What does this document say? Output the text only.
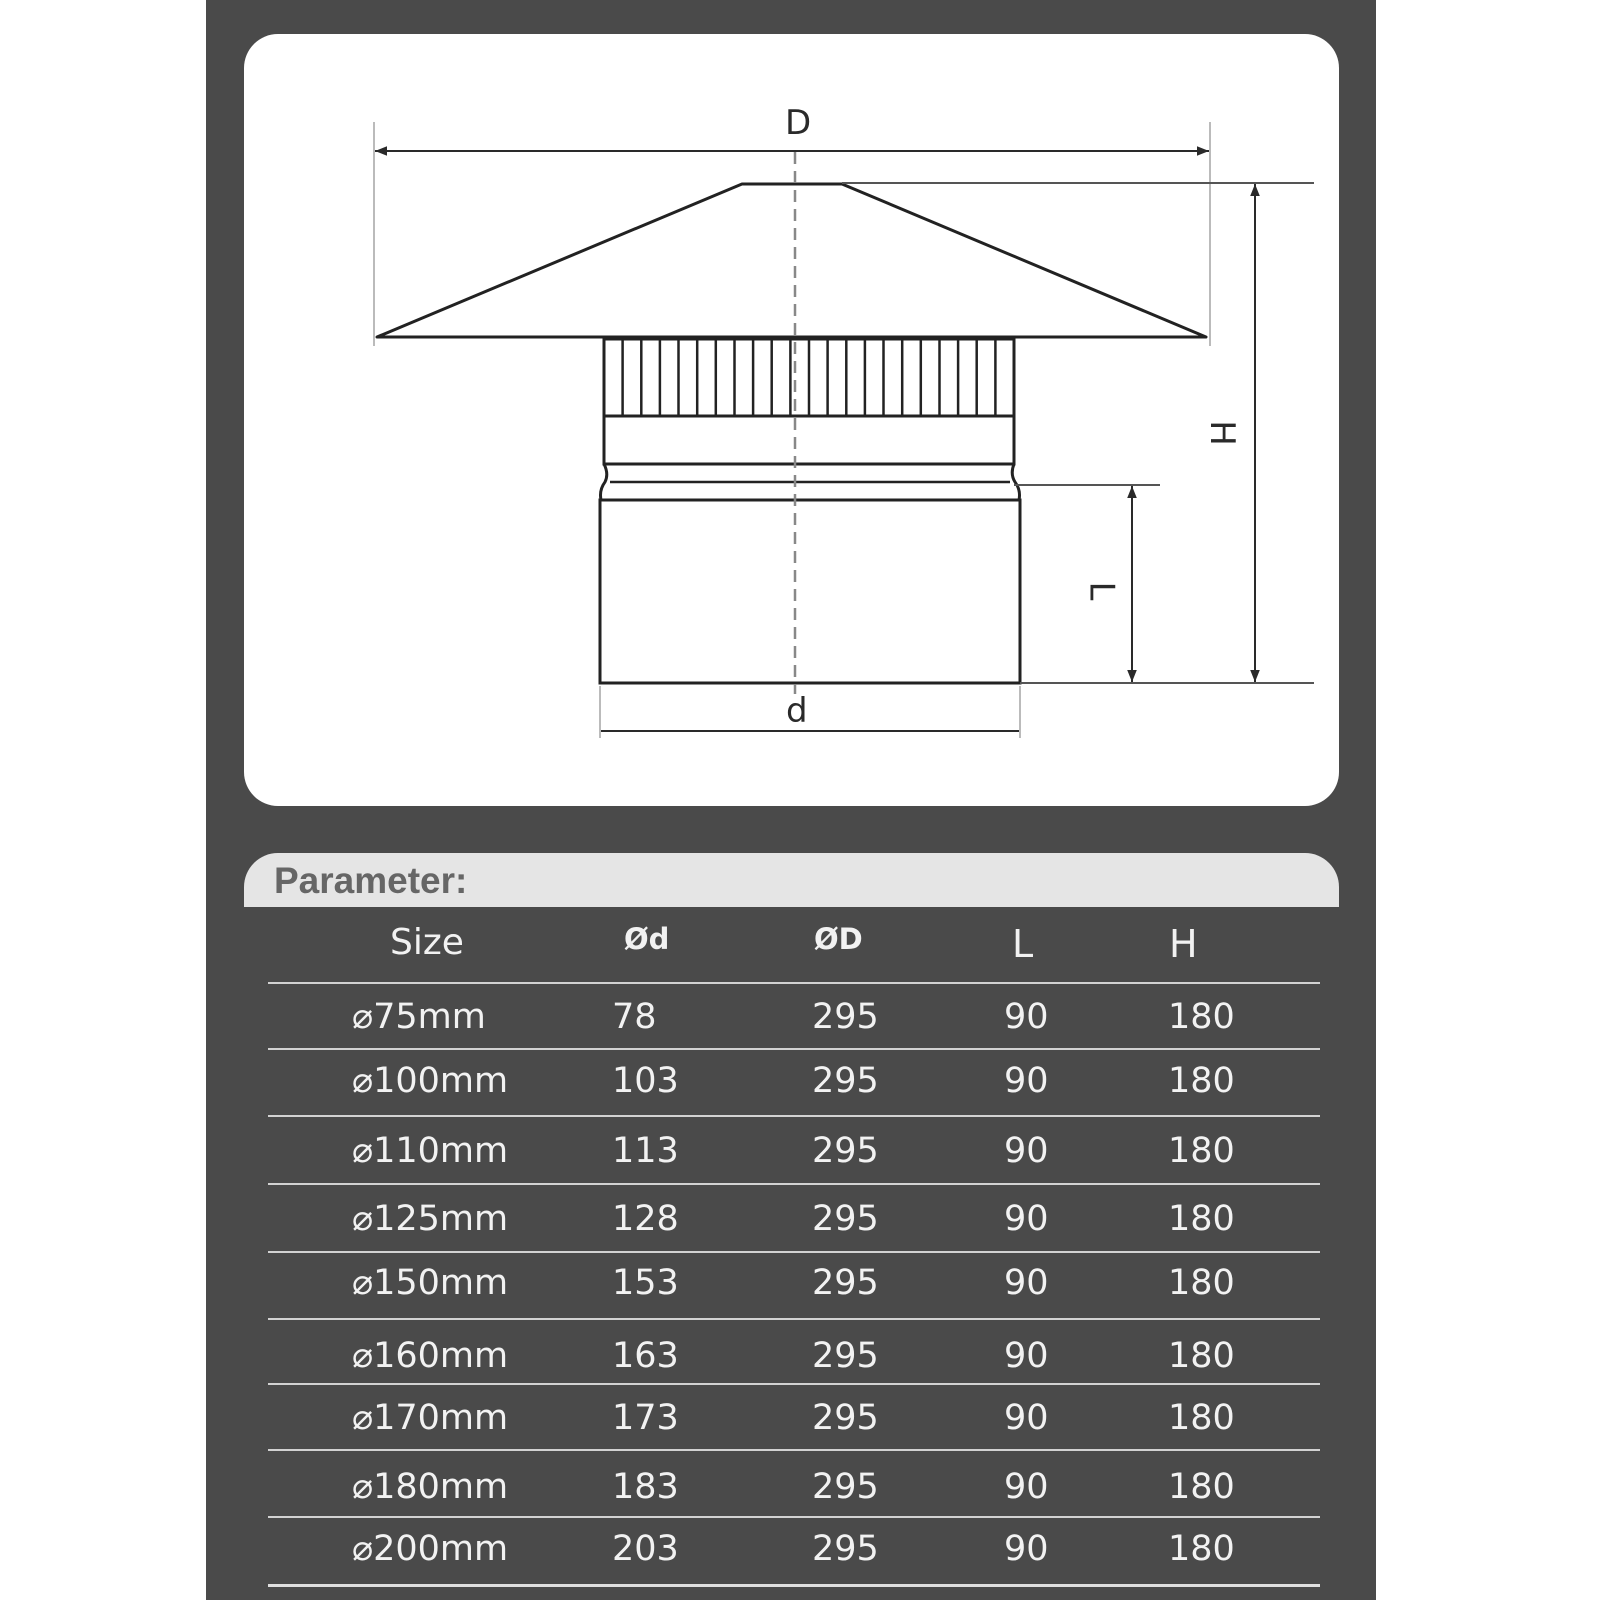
D
H
L
d
Parameter:
Size	Ød	ØD	L	H
⌀75mm	78	295	90	180
⌀100mm	103	295	90	180
⌀110mm	113	295	90	180
⌀125mm	128	295	90	180
⌀150mm	153	295	90	180
⌀160mm	163	295	90	180
⌀170mm	173	295	90	180
⌀180mm	183	295	90	180
⌀200mm	203	295	90	180
